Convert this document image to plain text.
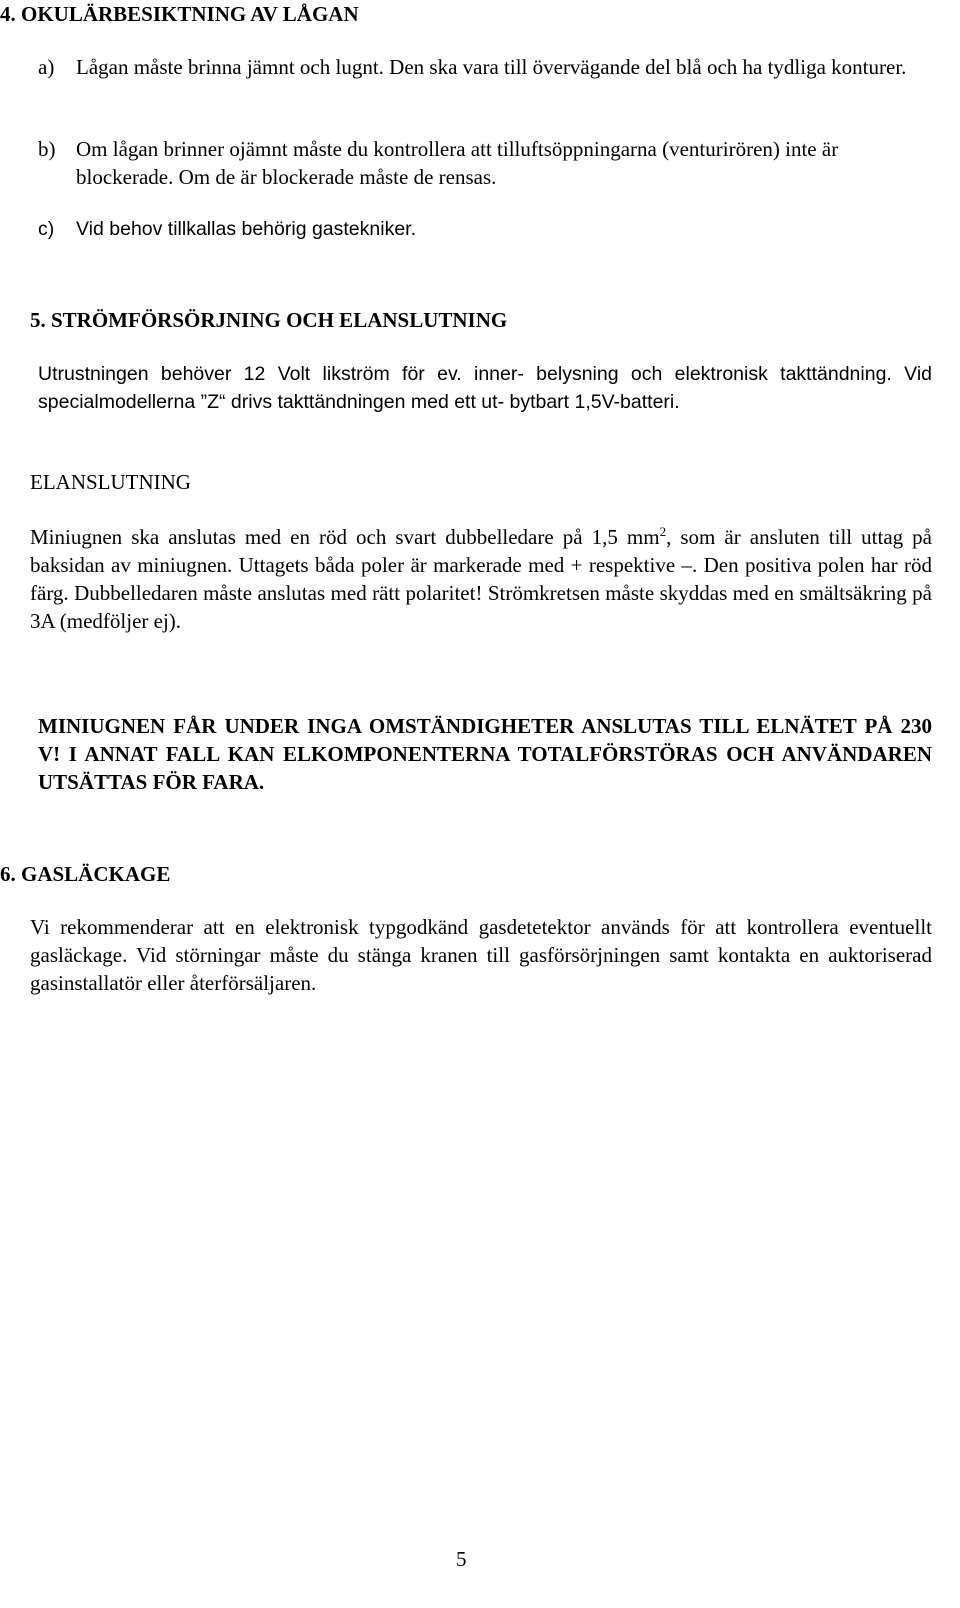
4. OKULÄRBESIKTNING AV LÅGAN
a)	Lågan måste brinna jämnt och lugnt. Den ska vara till övervägande del blå och ha tydliga konturer.
b) Om lågan brinner ojämnt måste du kontrollera att tilluftsöppningarna (venturirören) inte är blockerade. Om de är blockerade måste de rensas.
c)	Vid behov tillkallas behörig gastekniker.
5. STRÖMFÖRSÖRJNING OCH ELANSLUTNING
Utrustningen behöver 12 Volt likström för ev. inner- belysning och elektronisk takttändning. Vid specialmodellerna ”Z“ drivs takttändningen med ett ut- bytbart 1,5V-batteri.
ELANSLUTNING
Miniugnen ska anslutas med en röd och svart dubbelledare på 1,5 $mm^2$, som är ansluten till uttag på baksidan av miniugnen. Uttagets båda poler är markerade med + respektive –. Den positiva polen har röd färg. Dubbelledaren måste anslutas med rätt polaritet! Strömkretsen måste skyddas med en smältsäkring på 3A (medföljer ej).
MINIUGNEN FÅR UNDER INGA OMSTÄNDIGHETER ANSLUTAS TILL ELNÄTET PÅ 230 V! I ANNAT FALL KAN ELKOMPONENTERNA TOTALFÖRSTÖRAS OCH ANVÄNDAREN UTSÄTTAS FÖR FARA.
6. GASLÄCKAGE
Vi rekommenderar att en elektronisk typgodkänd gasdetetektor används för att kontrollera eventuellt gasläckage. Vid störningar måste du stänga kranen till gasförsörjningen samt kontakta en auktoriserad gasinstallatör eller återförsäljaren.
5
